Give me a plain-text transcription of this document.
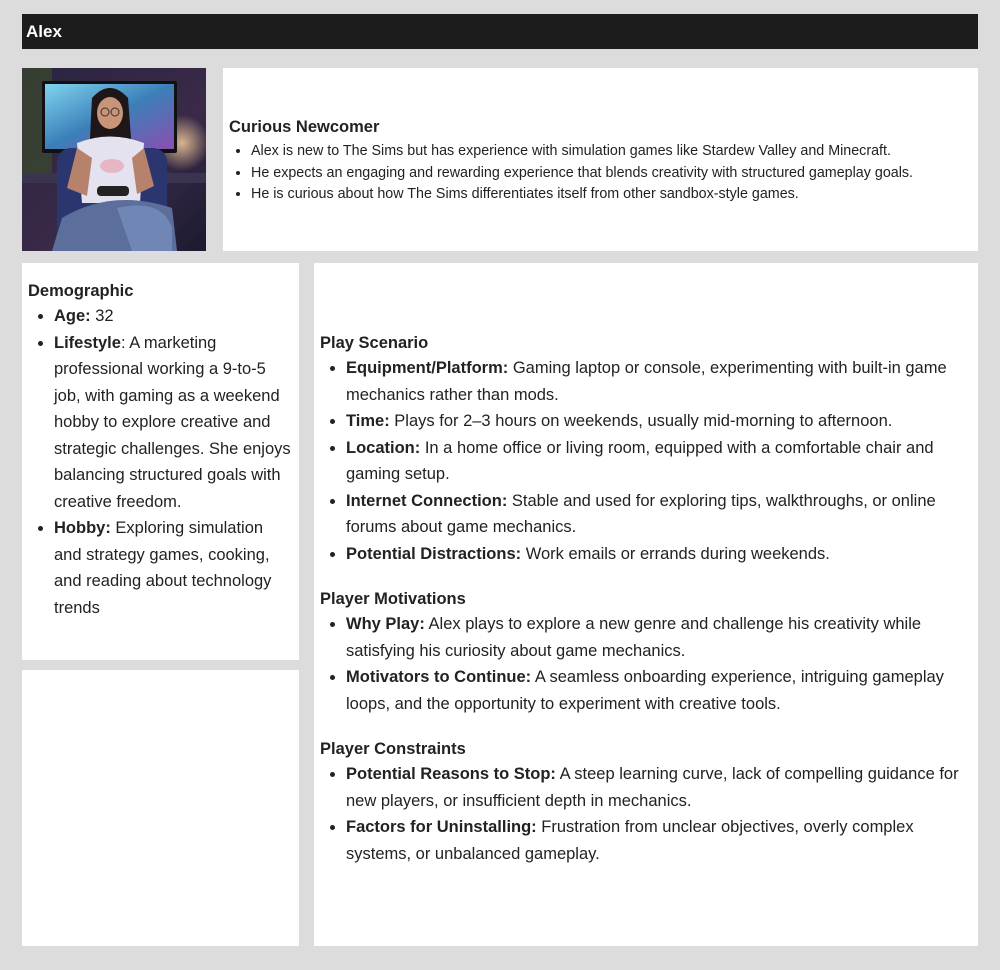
Alex
Curious Newcomer
• Alex is new to The Sims but has experience with simulation games like Stardew Valley and Minecraft.
• He expects an engaging and rewarding experience that blends creativity with structured gameplay goals.
• He is curious about how The Sims differentiates itself from other sandbox-style games.
Demographic
• Age: 32
• Lifestyle: A marketing professional working a 9-to-5 job, with gaming as a weekend hobby to explore creative and strategic challenges. She enjoys balancing structured goals with creative freedom.
• Hobby: Exploring simulation and strategy games, cooking, and reading about technology trends
Play Scenario
• Equipment/Platform: Gaming laptop or console, experimenting with built-in game mechanics rather than mods.
• Time: Plays for 2–3 hours on weekends, usually mid-morning to afternoon.
• Location: In a home office or living room, equipped with a comfortable chair and gaming setup.
• Internet Connection: Stable and used for exploring tips, walkthroughs, or online forums about game mechanics.
• Potential Distractions: Work emails or errands during weekends.
Player Motivations
• Why Play: Alex plays to explore a new genre and challenge his creativity while satisfying his curiosity about game mechanics.
• Motivators to Continue: A seamless onboarding experience, intriguing gameplay loops, and the opportunity to experiment with creative tools.
Player Constraints
• Potential Reasons to Stop: A steep learning curve, lack of compelling guidance for new players, or insufficient depth in mechanics.
• Factors for Uninstalling: Frustration from unclear objectives, overly complex systems, or unbalanced gameplay.
